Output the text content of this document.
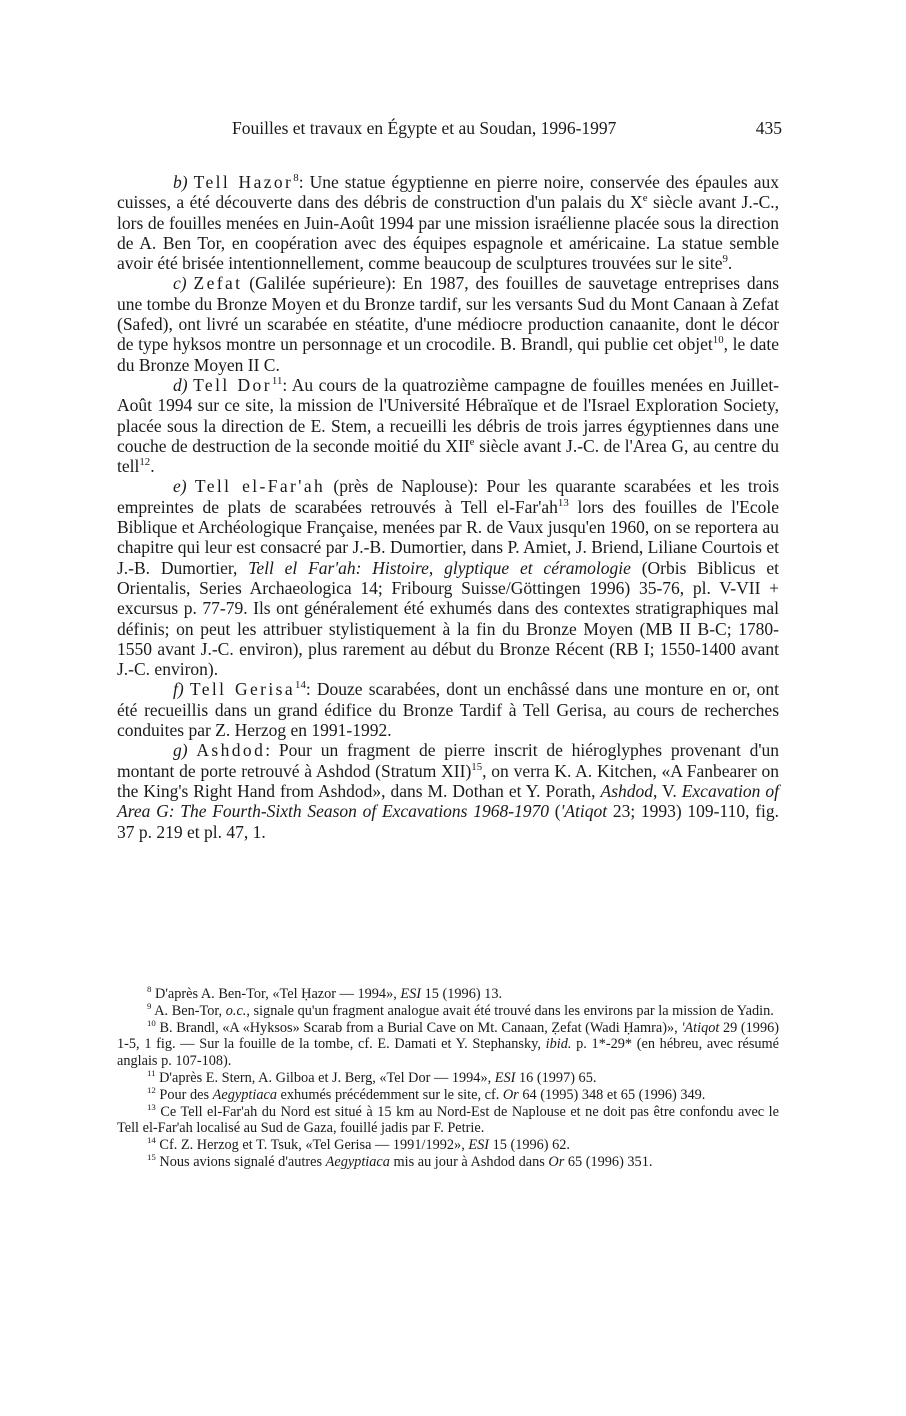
Fouilles et travaux en Égypte et au Soudan, 1996-1997	435

b) Tell Hazor$^8$: Une statue égyptienne en pierre noire, conservée des épaules aux cuisses, a été découverte dans des débris de construction d'un palais du Xe siècle avant J.-C., lors de fouilles menées en Juin-Août 1994 par une mission israélienne placée sous la direction de A. Ben Tor, en coopération avec des équipes espagnole et américaine. La statue semble avoir été brisée intentionnellement, comme beaucoup de sculptures trouvées sur le site$^9$.

c) Zefat (Galilée supérieure): En 1987, des fouilles de sauvetage entreprises dans une tombe du Bronze Moyen et du Bronze tardif, sur les versants Sud du Mont Canaan à Zefat (Safed), ont livré un scarabée en stéatite, d'une médiocre production canaanite, dont le décor de type hyksos montre un personnage et un crocodile. B. Brandl, qui publie cet objet$^{10}$, le date du Bronze Moyen II C.

d) Tell Dor$^{11}$: Au cours de la quatrozième campagne de fouilles menées en Juillet-Août 1994 sur ce site, la mission de l'Université Hébraïque et de l'Israel Exploration Society, placée sous la direction de E. Stem, a recueilli les débris de trois jarres égyptiennes dans une couche de destruction de la seconde moitié du XIIe siècle avant J.-C. de l'Area G, au centre du tell$^{12}$.

e) Tell el-Far'ah (près de Naplouse): Pour les quarante scarabées et les trois empreintes de plats de scarabées retrouvés à Tell $el-Far'ah^{13}$ lors des fouilles de l'Ecole Biblique et Archéologique Française, menées par R. de Vaux jusqu'en 1960, on se reportera au chapitre qui leur est consacré par J.-B. Dumortier, dans P. Amiet, J. Briend, Liliane Courtois et J.-B. Dumortier, Tell el Far'ah: Histoire, glyptique et céramologie (Orbis Biblicus et Orientalis, Series Archaeologica 14; Fribourg Suisse/Göttingen 1996) 35-76, pl. V-VII + excursus p. 77-79. Ils ont généralement été exhumés dans des contextes stratigraphiques mal définis; on peut les attribuer stylistiquement à la fin du Bronze Moyen (MB II B-C; 1780-1550 avant J.-C. environ), plus rarement au début du Bronze Récent (RB I; 1550-1400 avant J.-C. environ).

f) Tell Gerisa$^{14}$: Douze scarabées, dont un enchâssé dans une monture en or, ont été recueillis dans un grand édifice du Bronze Tardif à Tell Gerisa, au cours de recherches conduites par Z. Herzog en 1991-1992.

g) Ashdod: Pour un fragment de pierre inscrit de hiéroglyphes provenant d'un montant de porte retrouvé à Ashdod (Stratum XII)$^{15}$, on verra K. A. Kitchen, «A Fanbearer on the King's Right Hand from Ashdod», dans M. Dothan et Y. Porath, Ashdod, V. Excavation of Area G: The Fourth-Sixth Season of Excavations 1968-1970 ('Atiqot 23; 1993) 109-110, fig. 37 p. 219 et pl. 47, 1.

$^8$ D'après A. Ben-Tor, «Tel Ḥazor — 1994», ESI 15 (1996) 13.

$^9$ A. Ben-Tor, o.c., signale qu'un fragment analogue avait été trouvé dans les environs par la mission de Yadin.

$^{10}$ B. Brandl, «A «Hyksos» Scarab from a Burial Cave on Mt. Canaan, Ẓefat (Wadi Ḥamra)», 'Atiqot 29 (1996) 1-5, 1 fig. — Sur la fouille de la tombe, cf. E. Damati et Y. Stephansky, ibid. p. 1*-29* (en hébreu, avec résumé anglais p. 107-108).

$^{11}$ D'après E. Stern, A. Gilboa et J. Berg, «Tel Dor — 1994», ESI 16 (1997) 65.

$^{12}$ Pour des Aegyptiaca exhumés précédemment sur le site, cf. Or 64 (1995) 348 et 65 (1996) 349.

$^{13}$ Ce Tell el-Far'ah du Nord est situé à 15 km au Nord-Est de Naplouse et ne doit pas être confondu avec le Tell el-Far'ah localisé au Sud de Gaza, fouillé jadis par F. Petrie.

$^{14}$ Cf. Z. Herzog et T. Tsuk, «Tel Gerisa — 1991/1992», ESI 15 (1996) 62.

$^{15}$ Nous avions signalé d'autres Aegyptiaca mis au jour à Ashdod dans Or 65 (1996) 351.
